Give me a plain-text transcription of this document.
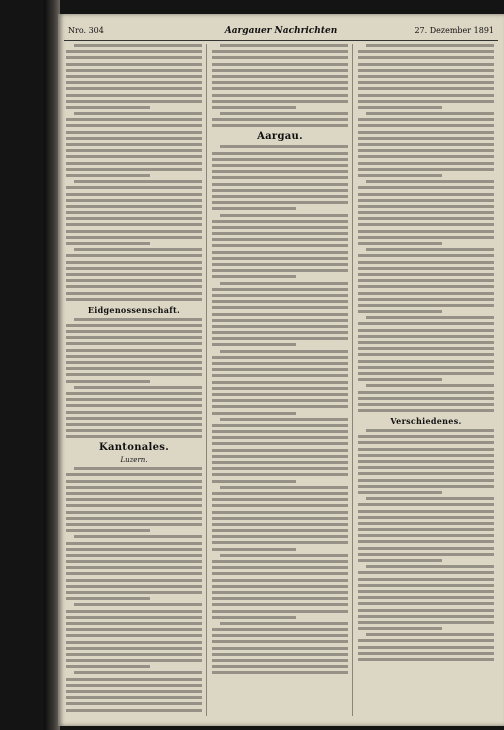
Nro. 304	Aargauer Nachrichten	27. Dezember 1891
Eidgenossenschaft.
Kantonales.
Luzern.
Aargau.
Verschiedenes.
